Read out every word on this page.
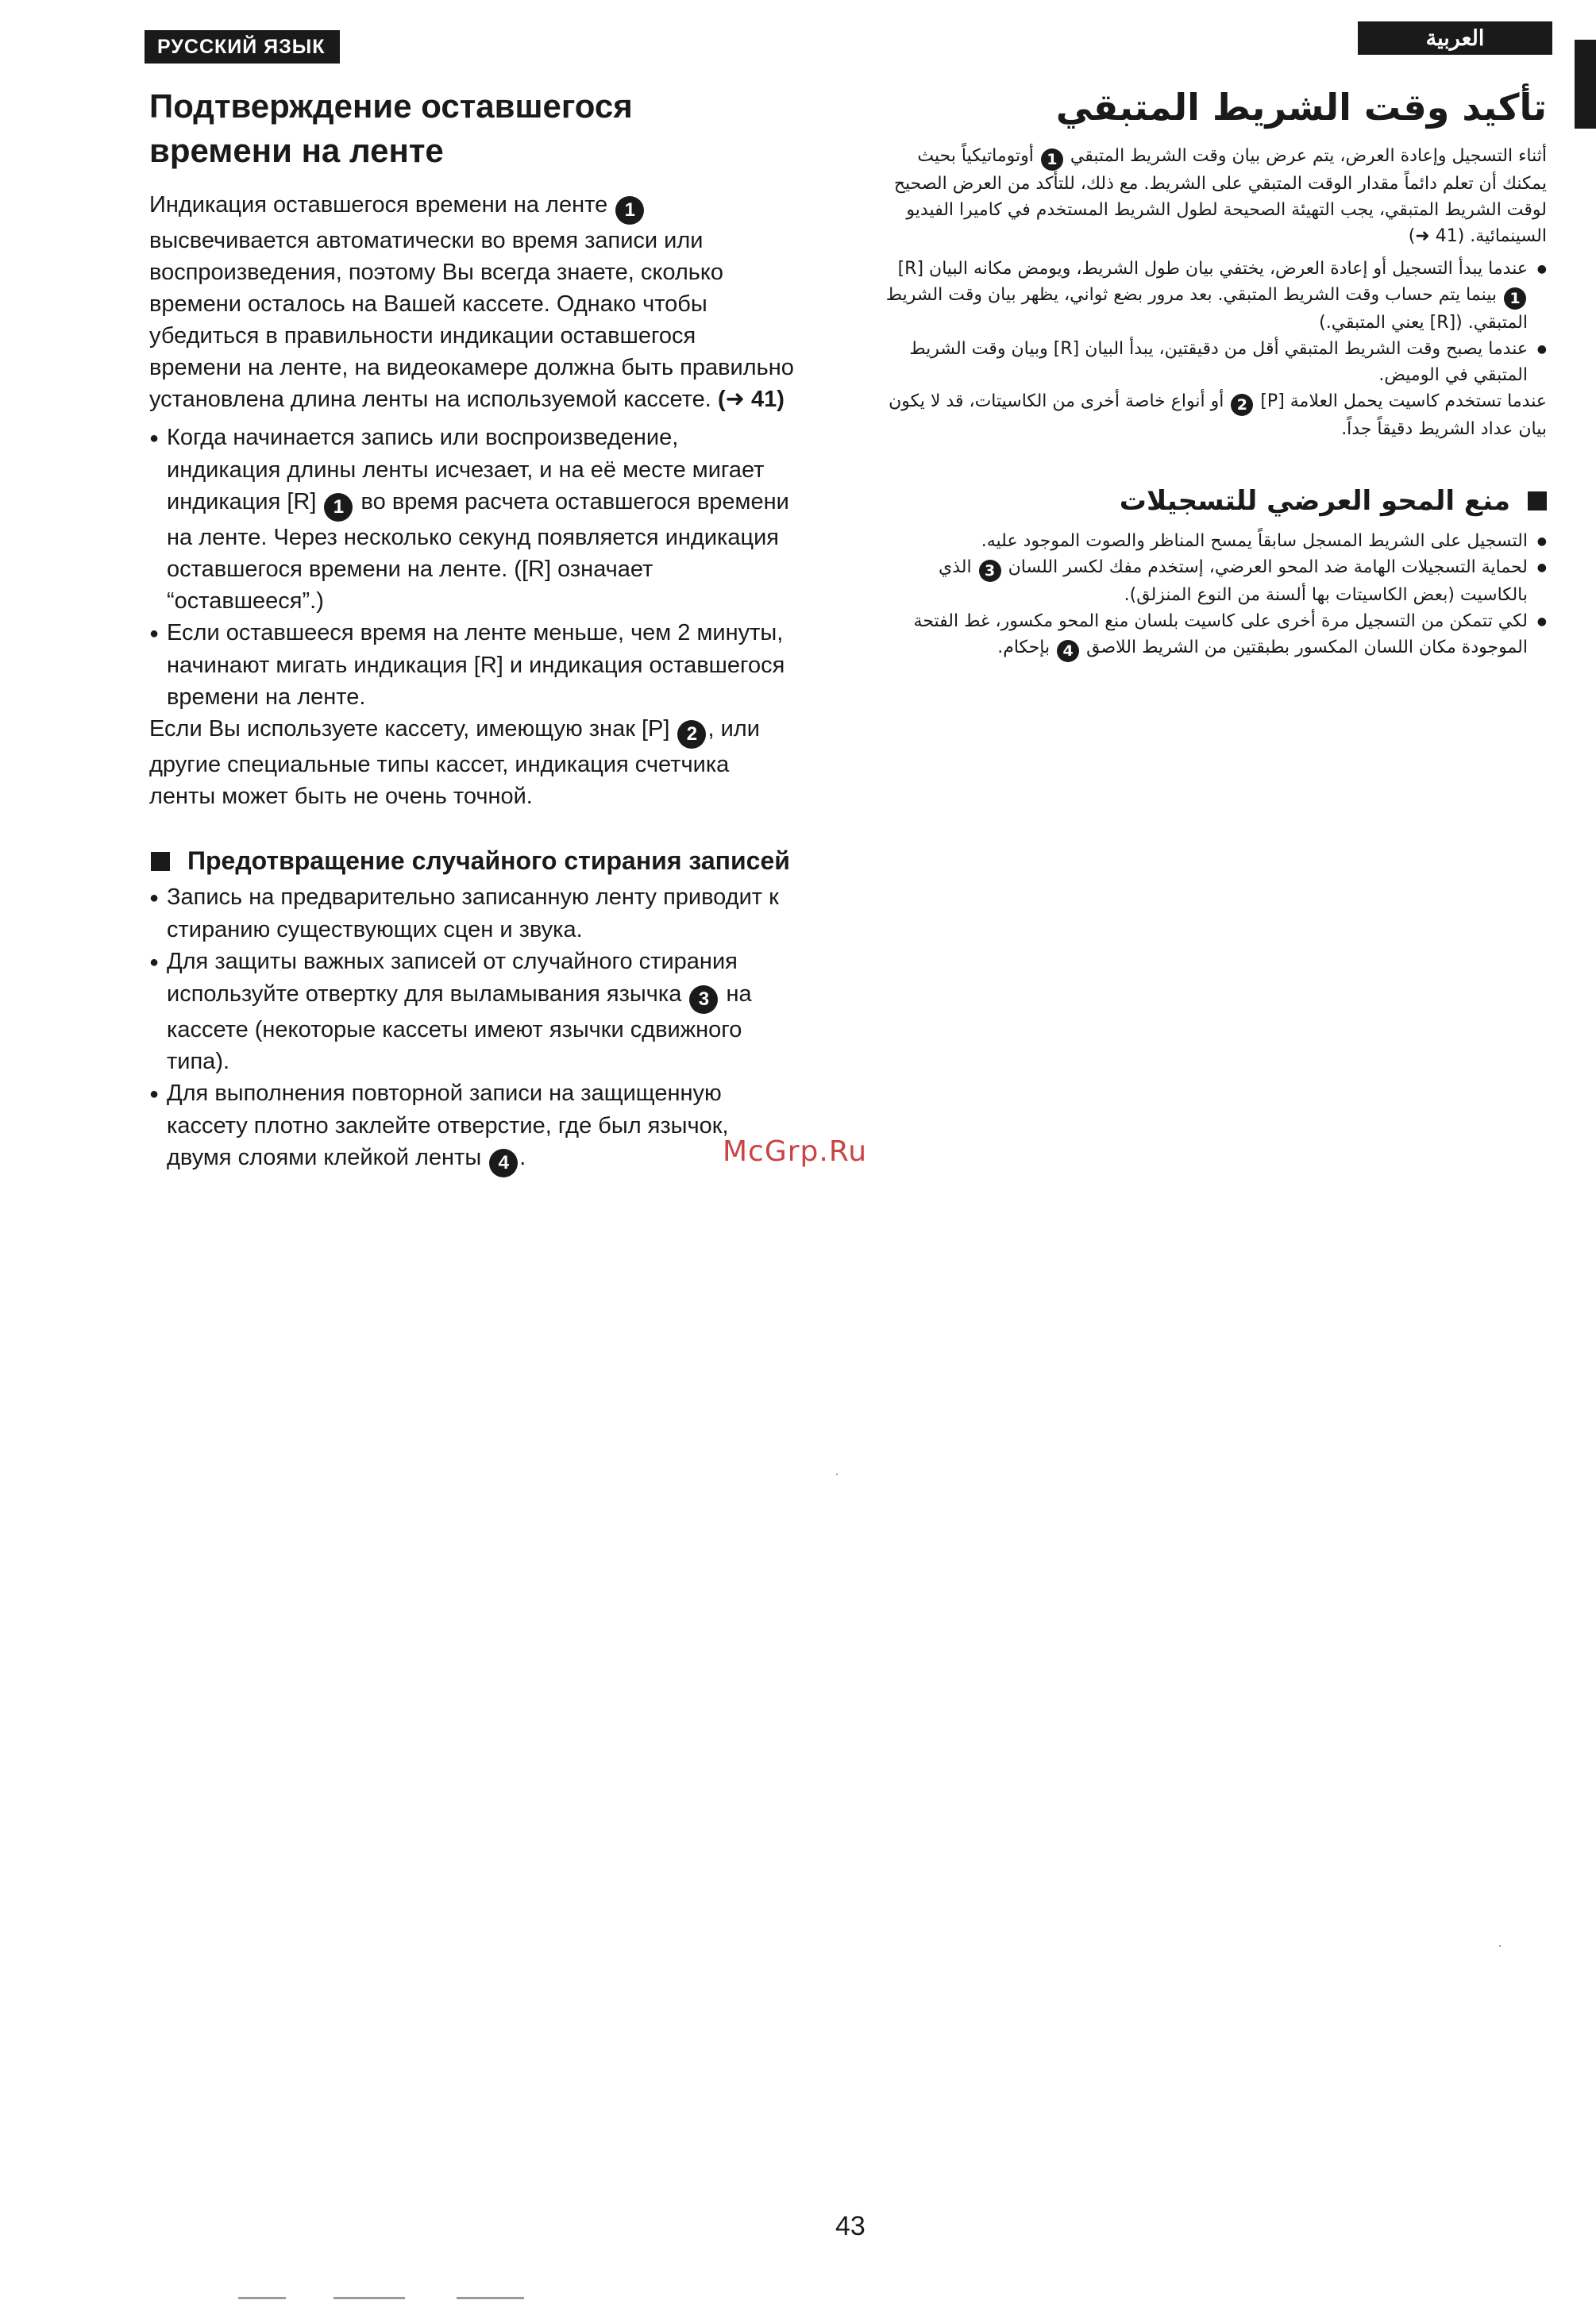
РУССКИЙ ЯЗЫК	العربية
Подтверждение оставшегося
времени на ленте

Индикация оставшегося времени на ленте 1 высвечивается автоматически во время записи или воспроизведения, поэтому Вы всегда знаете, сколько времени осталось на Вашей кассете. Однако чтобы убедиться в правильности индикации оставшегося времени на ленте, на видеокамере должна быть правильно установлена длина ленты на используемой кассете. (➜ 41)

● Когда начинается запись или воспроизведение, индикация длины ленты исчезает, и на её месте мигает индикация [R] 1 во время расчета оставшегося времени на ленте. Через несколько секунд появляется индикация оставшегося времени на ленте. ([R] означает “оставшееся”.)
● Если оставшееся время на ленте меньше, чем 2 минуты, начинают мигать индикация [R] и индикация оставшегося времени на ленте.

Если Вы используете кассету, имеющую знак [P] 2 , или другие специальные типы кассет, индикация счетчика ленты может быть не очень точной.

Предотвращение случайного стирания записей
● Запись на предварительно записанную ленту приводит к стиранию существующих сцен и звука.
● Для защиты важных записей от случайного стирания используйте отвертку для выламывания язычка 3 на кассете (некоторые кассеты имеют язычки сдвижного типа).
● Для выполнения повторной записи на защищенную кассету плотно заклейте отверстие, где был язычок, двумя слоями клейкой ленты 4 .
تأكيد وقت الشريط المتبقي

أثناء التسجيل وإعادة العرض، يتم عرض بيان وقت الشريط المتبقي 1 أوتوماتيكياً بحيث يمكنك أن تعلم دائماً مقدار الوقت المتبقي على الشريط. مع ذلك، للتأكد من العرض الصحيح لوقت الشريط المتبقي، يجب التهيئة الصحيحة لطول الشريط المستخدم في كاميرا الفيديو السينمائية. (➜ 41)

● عندما يبدأ التسجيل أو إعادة العرض، يختفي بيان طول الشريط، ويومض مكانه البيان [R] 1 بينما يتم حساب وقت الشريط المتبقي. بعد مرور بضع ثواني، يظهر بيان وقت الشريط المتبقي. ([R] يعني المتبقي.)
● عندما يصبح وقت الشريط المتبقي أقل من دقيقتين، يبدأ البيان [R] وبيان وقت الشريط المتبقي في الوميض.

عندما تستخدم كاسيت يحمل العلامة [P] 2 أو أنواع خاصة أخرى من الكاسيتات، قد لا يكون بيان عداد الشريط دقيقاً جداً.

منع المحو العرضي للتسجيلات
● التسجيل على الشريط المسجل سابقاً يمسح المناظر والصوت الموجود عليه.
● لحماية التسجيلات الهامة ضد المحو العرضي، إستخدم مفك لكسر اللسان 3 الذي بالكاسيت (بعض الكاسيتات بها ألسنة من النوع المنزلق).
● لكي تتمكن من التسجيل مرة أخرى على كاسيت بلسان منع المحو مكسور، غط الفتحة الموجودة مكان اللسان المكسور بطبقتين من الشريط اللاصق 4 بإحكام.
McGrp.Ru
43
